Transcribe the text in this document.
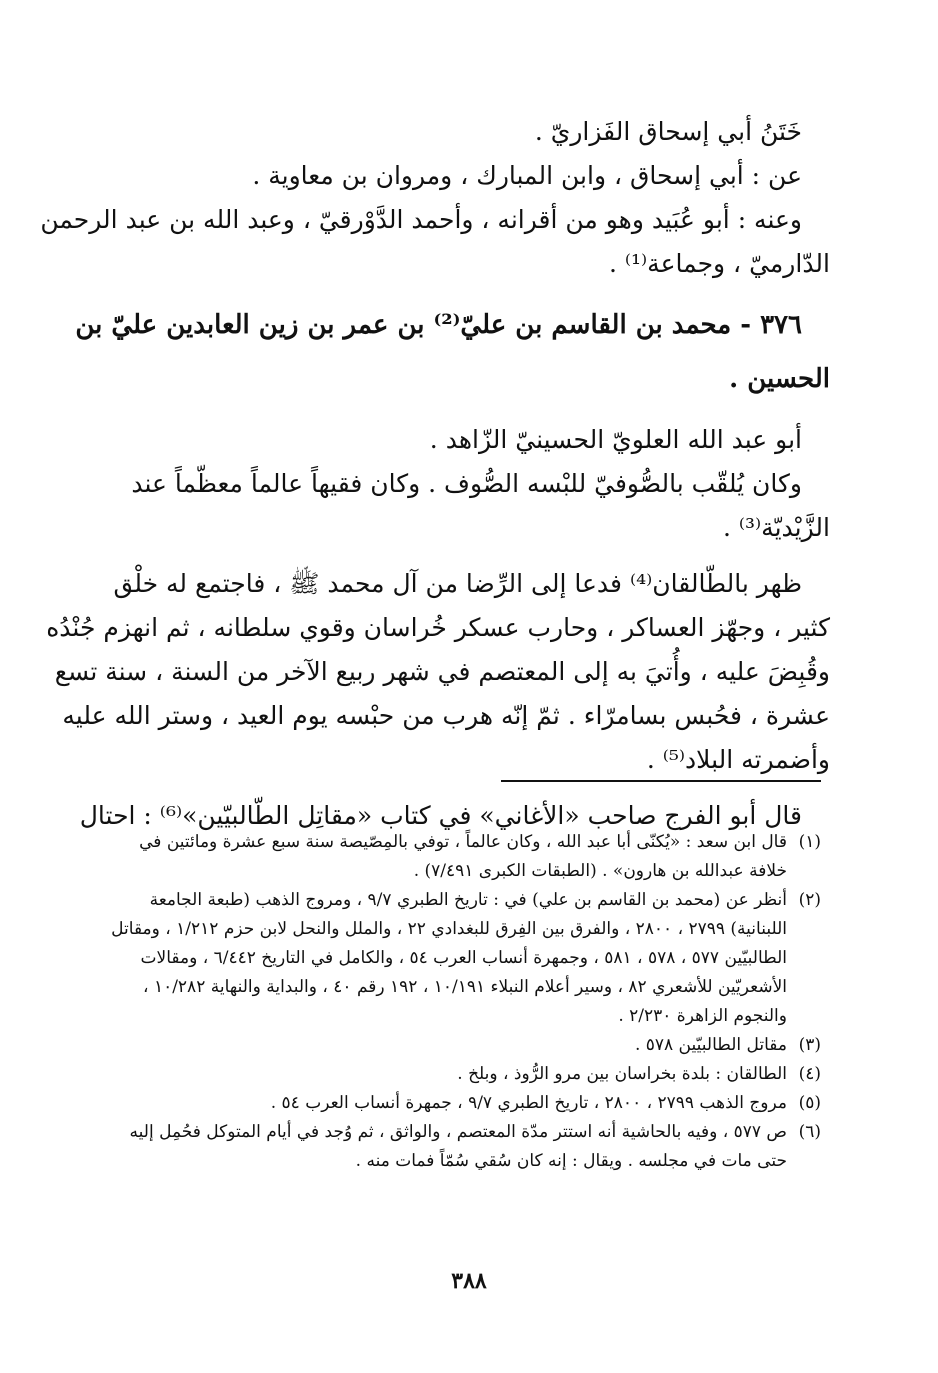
خَتَنُ أبي إسحاق الفَزاريّ .
عن : أبي إسحاق ، وابن المبارك ، ومروان بن معاوية .
وعنه : أبو عُبَيد وهو من أقرانه ، وأحمد الدَّوْرقيّ ، وعبد الله بن عبد الرحمن
الدّارميّ ، وجماعة⁽¹⁾ .
٣٧٦ - محمد بن القاسم بن عليّ⁽²⁾ بن عمر بن زين العابدين عليّ بن
الحسين .
أبو عبد الله العلويّ الحسينيّ الزّاهد .
وكان يُلقّب بالصُّوفيّ للبْسه الصُّوف . وكان فقيهاً عالماً معظّماً عند
الزَّيْديّة⁽³⁾ .
ظهر بالطّالقان⁽⁴⁾ فدعا إلى الرِّضا من آل محمد ﷺ ، فاجتمع له خلْق
كثير ، وجهّز العساكر ، وحارب عسكر خُراسان وقوي سلطانه ، ثم انهزم جُنْدُه
وقُبِضَ عليه ، وأُتيَ به إلى المعتصم في شهر ربيع الآخر من السنة ، سنة تسع
عشرة ، فحُبس بسامرّاء . ثمّ إنّه هرب من حبْسه يوم العيد ، وستر الله عليه
وأضمرته البلاد⁽⁵⁾ .
قال أبو الفرج صاحب «الأغاني» في كتاب «مقاتِل الطّالبيّين»⁽⁶⁾ : احتال
(١)
قال ابن سعد : «يُكنّى أبا عبد الله ، وكان عالماً ، توفي بالمِصّيصة سنة سبع عشرة ومائتين في خلافة عبدالله بن هارون» . (الطبقات الكبرى ٧/٤٩١) .
(٢)
أنظر عن (محمد بن القاسم بن علي) في : تاريخ الطبري ٩/٧ ، ومروج الذهب (طبعة الجامعة اللبنانية) ٢٧٩٩ ، ٢٨٠٠ ، والفرق بين الفِرق للبغدادي ٢٢ ، والملل والنحل لابن حزم ١/٢١٢ ، ومقاتل الطالبيّين ٥٧٧ ، ٥٧٨ ، ٥٨١ ، وجمهرة أنساب العرب ٥٤ ، والكامل في التاريخ ٦/٤٤٢ ، ومقالات الأشعريّين للأشعري ٨٢ ، وسير أعلام النبلاء ١٠/١٩١ ، ١٩٢ رقم ٤٠ ، والبداية والنهاية ١٠/٢٨٢ ، والنجوم الزاهرة ٢/٢٣٠ .
(٣)
مقاتل الطالبيّين ٥٧٨ .
(٤)
الطالقان : بلدة بخراسان بين مرو الرُّوذ ، وبلخ .
(٥)
مروج الذهب ٢٧٩٩ ، ٢٨٠٠ ، تاريخ الطبري ٩/٧ ، جمهرة أنساب العرب ٥٤ .
(٦)
ص ٥٧٧ ، وفيه بالحاشية أنه استتر مدّة المعتصم ، والواثق ، ثم وُجد في أيام المتوكل فحُمِل إليه حتى مات في مجلسه . ويقال : إنه كان سُقي سُمّاً فمات منه .
٣٨٨
